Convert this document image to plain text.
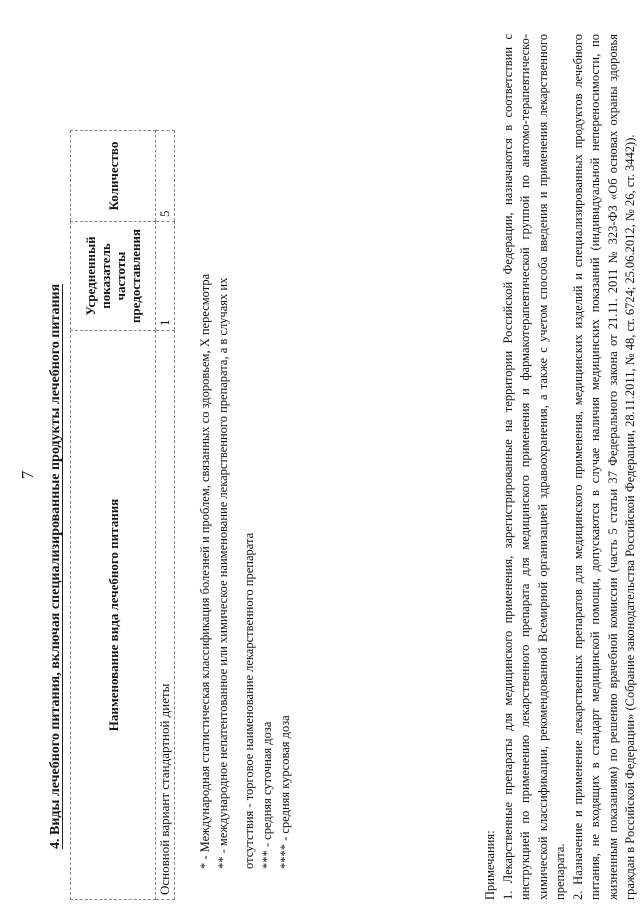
7 4. Виды лечебного питания, включая специализированные продукты лечебного питания	Наименование вида лечебного питания	Усредненный показатель частоты предоставления	Количество
Основной вариант стандартной диеты	1	5
* - Международная статистическая классификация болезней и проблем, связанных со здоровьем, X пересмотра ** - международное непатентованное или химическое наименование лекарственного препарата, а в случаях их отсутствия - торговое наименование лекарственного препарата *** - средняя суточная доза **** - средняя курсовая доза	Примечания: 1. Лекарственные препараты для медицинского применения, зарегистрированные на территории Российской Федерации, назначаются в соответствии с инструкцией по применению лекарственного препарата для медицинского применения и фармакотерапевтической группой по анатомо-терапевтическо-химической классификации, рекомендованной Всемирной организацией здравоохранения, а также с учетом способа введения и применения лекарственного препарата. 2. Назначение и применение лекарственных препаратов для медицинского применения, медицинских изделий и специализированных продуктов лечебного питания, не входящих в стандарт медицинской помощи, допускаются в случае наличия медицинских показаний (индивидуальной непереносимости, по жизненным показаниям) по решению врачебной комиссии (часть 5 статьи 37 Федерального закона от 21.11. 2011 № 323-ФЗ «Об основах охраны здоровья граждан в Российской Федерации» (Собрание законодательства Российской Федерации, 28.11.2011, № 48, ст. 6724; 25.06.2012, № 26, ст. 3442)).
